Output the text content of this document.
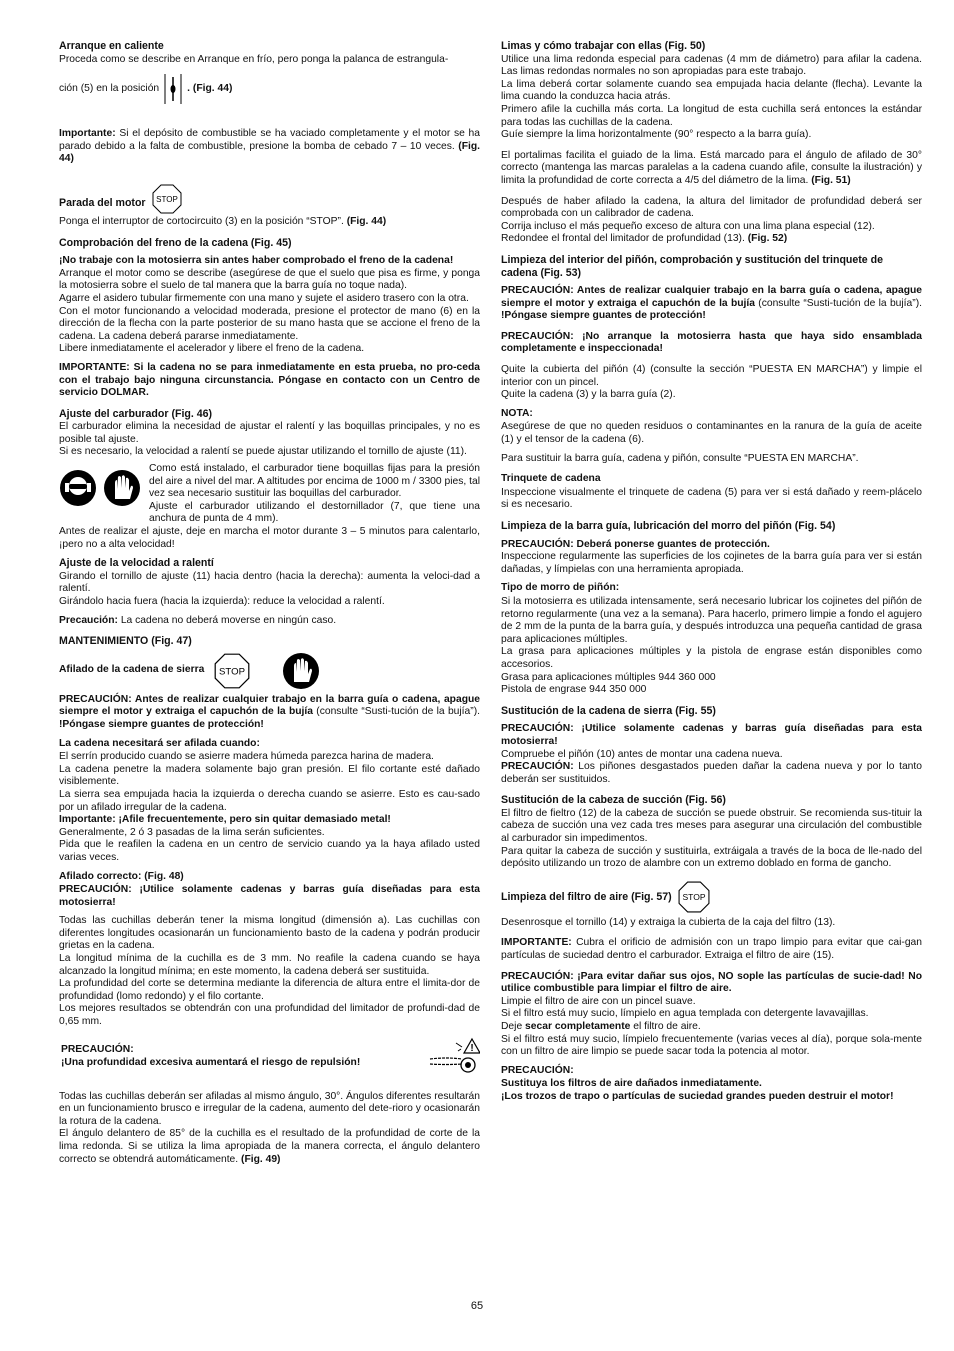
Arranque en caliente

Proceda como se describe en Arranque en frío, pero ponga la palanca de estrangula-

ción (5) en la posición	. (Fig. 44)

Importante: Si el depósito de combustible se ha vaciado completamente y el motor se ha parado debido a la falta de combustible, presione la bomba de cebado 7 – 10 veces. (Fig. 44)

Parada del motor STOP

Ponga el interruptor de cortocircuito (3) en la posición “STOP”. (Fig. 44)

Comprobación del freno de la cadena (Fig. 45)

¡No trabaje con la motosierra sin antes haber comprobado el freno de la cadena!

Arranque el motor como se describe (asegúrese de que el suelo que pisa es firme, y ponga la motosierra sobre el suelo de tal manera que la barra guía no toque nada).

Agarre el asidero tubular firmemente con una mano y sujete el asidero trasero con la otra.

Con el motor funcionando a velocidad moderada, presione el protector de mano (6) en la dirección de la flecha con la parte posterior de su mano hasta que se accione el freno de la cadena. La cadena deberá pararse inmediatamente.

Libere inmediatamente el acelerador y libere el freno de la cadena.

IMPORTANTE: Si la cadena no se para inmediatamente en esta prueba, no pro-ceda con el trabajo bajo ninguna circunstancia. Póngase en contacto con un Centro de servicio DOLMAR.

Ajuste del carburador (Fig. 46)

El carburador elimina la necesidad de ajustar el ralentí y las boquillas principales, y no es posible tal ajuste.

Si es necesario, la velocidad a ralentí se puede ajustar utilizando el tornillo de ajuste (11).

Como está instalado, el carburador tiene boquillas fijas para la presión del aire a nivel del mar. A altitudes por encima de 1000 m / 3300 pies, tal vez sea necesario sustituir las boquillas del carburador.

Ajuste el carburador utilizando el destornillador (7, que tiene una anchura de punta de 4 mm).

Antes de realizar el ajuste, deje en marcha el motor durante 3 – 5 minutos para calentarlo, ¡pero no a alta velocidad!

Ajuste de la velocidad a ralentí

Girando el tornillo de ajuste (11) hacia dentro (hacia la derecha): aumenta la veloci-dad a ralentí.

Girándolo hacia fuera (hacia la izquierda): reduce la velocidad a ralentí.

Precaución: La cadena no deberá moverse en ningún caso.

MANTENIMIENTO (Fig. 47)
Afilado de la cadena de sierra STOP

PRECAUCIÓN: Antes de realizar cualquier trabajo en la barra guía o cadena, apague siempre el motor y extraiga el capuchón de la bujía (consulte “Susti-tución de la bujía”). !Póngase siempre guantes de protección!

La cadena necesitará ser afilada cuando:

El serrín producido cuando se asierre madera húmeda parezca harina de madera.

La cadena penetre la madera solamente bajo gran presión. El filo cortante esté dañado visiblemente.

La sierra sea empujada hacia la izquierda o derecha cuando se asierre. Esto es cau-sado por un afilado irregular de la cadena.

Importante: ¡Afile frecuentemente, pero sin quitar demasiado metal!

Generalmente, 2 ó 3 pasadas de la lima serán suficientes.

Pida que le reafilen la cadena en un centro de servicio cuando ya la haya afilado usted varias veces.

Afilado correcto: (Fig. 48)

PRECAUCIÓN: ¡Utilice solamente cadenas y barras guía diseñadas para esta motosierra!

Todas las cuchillas deberán tener la misma longitud (dimensión a). Las cuchillas con diferentes longitudes ocasionarán un funcionamiento basto de la cadena y podrán producir grietas en la cadena.

La longitud mínima de la cuchilla es de 3 mm. No reafile la cadena cuando se haya alcanzado la longitud mínima; en este momento, la cadena deberá ser sustituida.

La profundidad del corte se determina mediante la diferencia de altura entre el limita-dor de profundidad (lomo redondo) y el filo cortante.

Los mejores resultados se obtendrán con una profundidad del limitador de profundi-dad de 0,65 mm.

PRECAUCIÓN:
¡Una profundidad excesiva aumentará el riesgo de repulsión!
!

Todas las cuchillas deberán ser afiladas al mismo ángulo, 30°. Ángulos diferentes resultarán en un funcionamiento brusco e irregular de la cadena, aumento del dete-rioro y ocasionarán la rotura de la cadena.

El ángulo delantero de 85° de la cuchilla es el resultado de la profundidad de corte de la lima redonda. Si se utiliza la lima apropiada de la manera correcta, el ángulo delantero correcto se obtendrá automáticamente. (Fig. 49)

Limas y cómo trabajar con ellas (Fig. 50)

Utilice una lima redonda especial para cadenas (4 mm de diámetro) para afilar la cadena. Las limas redondas normales no son apropiadas para este trabajo.

La lima deberá cortar solamente cuando sea empujada hacia delante (flecha). Levante la lima cuando la conduzca hacia atrás.

Primero afile la cuchilla más corta. La longitud de esta cuchilla será entonces la estándar para todas las cuchillas de la cadena.

Guíe siempre la lima horizontalmente (90° respecto a la barra guía).

El portalimas facilita el guiado de la lima. Está marcado para el ángulo de afilado de 30° correcto (mantenga las marcas paralelas a la cadena cuando afile, consulte la ilustración) y limita la profundidad de corte correcta a 4/5 del diámetro de la lima. (Fig. 51)

Después de haber afilado la cadena, la altura del limitador de profundidad deberá ser comprobada con un calibrador de cadena.

Corrija incluso el más pequeño exceso de altura con una lima plana especial (12).

Redondee el frontal del limitador de profundidad (13). (Fig. 52)

Limpieza del interior del piñón, comprobación y sustitución del trinquete de cadena (Fig. 53)

PRECAUCIÓN: Antes de realizar cualquier trabajo en la barra guía o cadena, apague siempre el motor y extraiga el capuchón de la bujía (consulte “Susti-tución de la bujía”). !Póngase siempre guantes de protección!

PRECAUCIÓN: ¡No arranque la motosierra hasta que haya sido ensamblada completamente e inspeccionada!

Quite la cubierta del piñón (4) (consulte la sección “PUESTA EN MARCHA”) y limpie el interior con un pincel.

Quite la cadena (3) y la barra guía (2).

NOTA:

Asegúrese de que no queden residuos o contaminantes en la ranura de la guía de aceite (1) y el tensor de la cadena (6).

Para sustituir la barra guía, cadena y piñón, consulte “PUESTA EN MARCHA”.

Trinquete de cadena

Inspeccione visualmente el trinquete de cadena (5) para ver si está dañado y reem-plácelo si es necesario.

Limpieza de la barra guía, lubricación del morro del piñón (Fig. 54)

PRECAUCIÓN: Deberá ponerse guantes de protección.

Inspeccione regularmente las superficies de los cojinetes de la barra guía para ver si están dañadas, y límpielas con una herramienta apropiada.

Tipo de morro de piñón:

Si la motosierra es utilizada intensamente, será necesario lubricar los cojinetes del piñón de retorno regularmente (una vez a la semana). Para hacerlo, primero limpie a fondo el agujero de 2 mm de la punta de la barra guía, y después introduzca una pequeña cantidad de grasa para aplicaciones múltiples.

La grasa para aplicaciones múltiples y la pistola de engrase están disponibles como accesorios.

Grasa para aplicaciones múltiples 944 360 000

Pistola de engrase 944 350 000

Sustitución de la cadena de sierra (Fig. 55)

PRECAUCIÓN: ¡Utilice solamente cadenas y barras guía diseñadas para esta motosierra!

Compruebe el piñón (10) antes de montar una cadena nueva.

PRECAUCIÓN: Los piñones desgastados pueden dañar la cadena nueva y por lo tanto deberán ser sustituidos.

Sustitución de la cabeza de succión (Fig. 56)

El filtro de fieltro (12) de la cabeza de succión se puede obstruir. Se recomienda sus-tituir la cabeza de succión una vez cada tres meses para asegurar una circulación del combustible al carburador sin impedimentos.

Para quitar la cabeza de succión y sustituirla, extráigala a través de la boca de lle-nado del depósito utilizando un trozo de alambre con un extremo doblado en forma de gancho.

Limpieza del filtro de aire (Fig. 57) STOP

Desenrosque el tornillo (14) y extraiga la cubierta de la caja del filtro (13).

IMPORTANTE: Cubra el orificio de admisión con un trapo limpio para evitar que cai-gan partículas de suciedad dentro el carburador. Extraiga el filtro de aire (15).

PRECAUCIÓN: ¡Para evitar dañar sus ojos, NO sople las partículas de sucie-dad! No utilice combustible para limpiar el filtro de aire.

Limpie el filtro de aire con un pincel suave.

Si el filtro está muy sucio, límpielo en agua templada con detergente lavavajillas.

Deje secar completamente el filtro de aire.

Si el filtro está muy sucio, límpielo frecuentemente (varias veces al día), porque sola-mente con un filtro de aire limpio se puede sacar toda la potencia al motor.

PRECAUCIÓN:

Sustituya los filtros de aire dañados inmediatamente.

¡Los trozos de trapo o partículas de suciedad grandes pueden destruir el motor!

65
